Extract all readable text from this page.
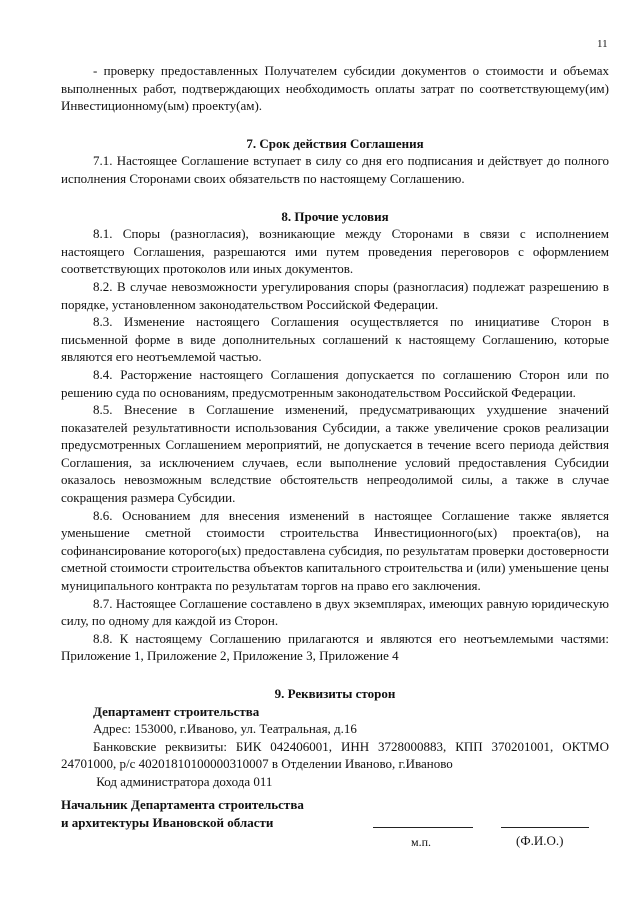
11

- проверку предоставленных Получателем субсидии документов о стоимости и объемах выполненных работ, подтверждающих необходимость оплаты затрат по соответствующему(им) Инвестиционному(ым) проекту(ам).

7. Срок действия Соглашения

7.1. Настоящее Соглашение вступает в силу со дня его подписания и действует до полного исполнения Сторонами своих обязательств по настоящему Соглашению.

8. Прочие условия

8.1. Споры (разногласия), возникающие между Сторонами в связи с исполнением настоящего Соглашения, разрешаются ими путем проведения переговоров с оформлением соответствующих протоколов или иных документов.

8.2. В случае невозможности урегулирования споры (разногласия) подлежат разрешению в порядке, установленном законодательством Российской Федерации.

8.3. Изменение настоящего Соглашения осуществляется по инициативе Сторон в письменной форме в виде дополнительных соглашений к настоящему Соглашению, которые являются его неотъемлемой частью.

8.4. Расторжение настоящего Соглашения допускается по соглашению Сторон или по решению суда по основаниям, предусмотренным законодательством Российской Федерации.

8.5. Внесение в Соглашение изменений, предусматривающих ухудшение значений показателей результативности использования Субсидии, а также увеличение сроков реализации предусмотренных Соглашением мероприятий, не допускается в течение всего периода действия Соглашения, за исключением случаев, если выполнение условий предоставления Субсидии оказалось невозможным вследствие обстоятельств непреодолимой силы, а также в случае сокращения размера Субсидии.

8.6. Основанием для внесения изменений в настоящее Соглашение также является уменьшение сметной стоимости строительства Инвестиционного(ых) проекта(ов), на софинансирование которого(ых) предоставлена субсидия, по результатам проверки достоверности сметной стоимости строительства объектов капитального строительства и (или) уменьшение цены муниципального контракта по результатам торгов на право его заключения.

8.7. Настоящее Соглашение составлено в двух экземплярах, имеющих равную юридическую силу, по одному для каждой из Сторон.

8.8. К настоящему Соглашению прилагаются и являются его неотъемлемыми частями: Приложение 1, Приложение 2, Приложение 3, Приложение 4

9. Реквизиты сторон

Департамент строительства

Адрес: 153000, г.Иваново, ул. Театральная, д.16

Банковские реквизиты: БИК 042406001, ИНН 3728000883, КПП 370201001, ОКТМО 24701000, р/с 40201810100000310007 в Отделении Иваново, г.Иваново

Код администратора дохода 011

Начальник Департамента строительства
и архитектуры Ивановской области
м.п.	(Ф.И.О.)
